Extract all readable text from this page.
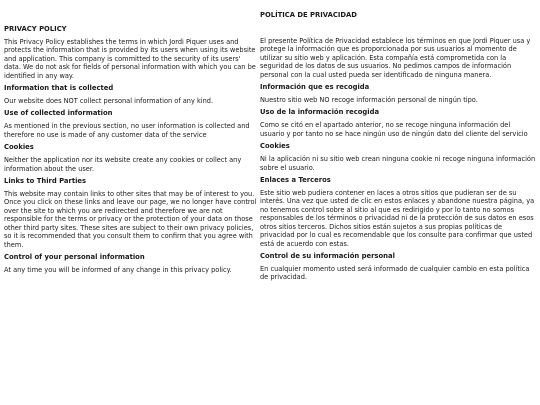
PRIVACY POLICY

This Privacy Policy establishes the terms in which Jordi Piquer uses and protects the information that is provided by its users when using its website and application. This company is committed to the security of its users' data. We do not ask for fields of personal information with which you can be identified in any way.

Information that is collected

Our website does NOT collect personal information of any kind.

Use of collected information

As mentioned in the previous section, no user information is collected and therefore no use is made of any customer data of the service

Cookies

Neither the application nor its website create any cookies or collect any information about the user.

Links to Third Parties

This website may contain links to other sites that may be of interest to you. Once you click on these links and leave our page, we no longer have control over the site to which you are redirected and therefore we are not responsible for the terms or privacy or the protection of your data on those other third party sites. These sites are subject to their own privacy policies, so it is recommended that you consult them to confirm that you agree with them.

Control of your personal information

At any time you will be informed of any change in this privacy policy.

POLÍTICA DE PRIVACIDAD

El presente Política de Privacidad establece los términos en que Jordi Piquer usa y protege la información que es proporcionada por sus usuarios al momento de utilizar su sitio web y aplicación. Esta compañía está comprometida con la seguridad de los datos de sus usuarios. No pedimos campos de información personal con la cual usted pueda ser identificado de ninguna manera.

Información que es recogida

Nuestro sitio web NO recoge información personal de ningún tipo.

Uso de la información recogida

Como se citó en el apartado anterior, no se recoge ninguna información del usuario y por tanto no se hace ningún uso de ningún dato del cliente del servicio

Cookies

Ni la aplicación ni su sitio web crean ninguna cookie ni recoge ninguna información sobre el usuario.

Enlaces a Terceros

Este sitio web pudiera contener en laces a otros sitios que pudieran ser de su interés. Una vez que usted de clic en estos enlaces y abandone nuestra página, ya no tenemos control sobre al sitio al que es redirigido y por lo tanto no somos responsables de los términos o privacidad ni de la protección de sus datos en esos otros sitios terceros. Dichos sitios están sujetos a sus propias políticas de privacidad por lo cual es recomendable que los consulte para confirmar que usted está de acuerdo con estas.

Control de su información personal

En cualquier momento usted será informado de cualquier cambio en esta política de privacidad.
